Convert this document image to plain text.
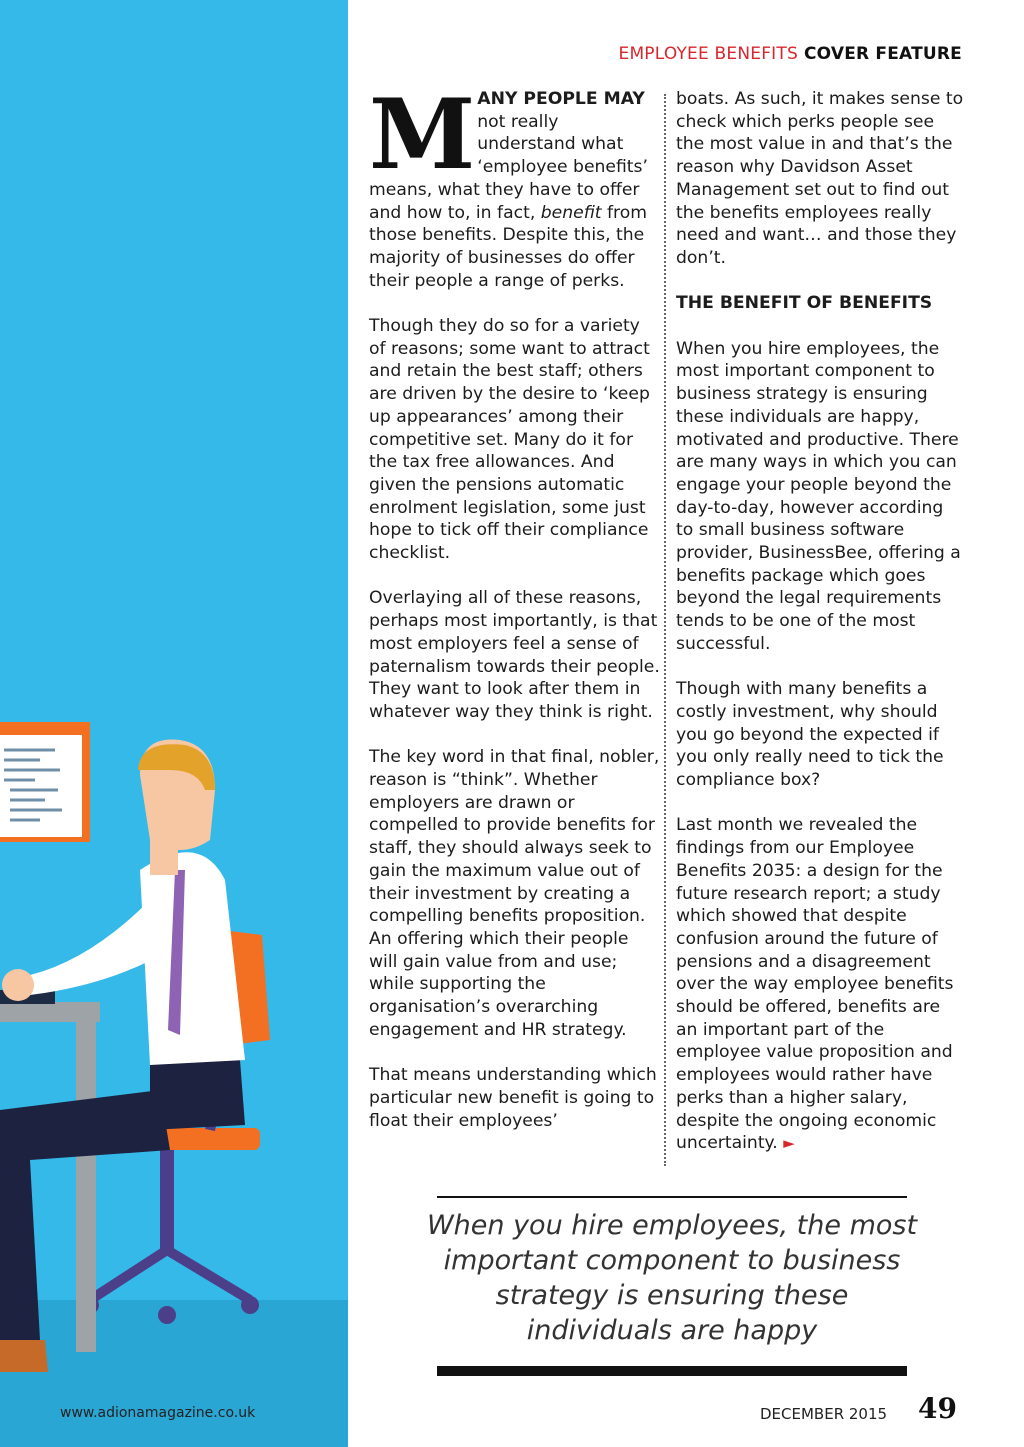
EMPLOYEE BENEFITS COVER FEATURE

MANY PEOPLE MAY not really understand what ‘employee benefits’ means, what they have to offer and how to, in fact, benefit from those benefits. Despite this, the majority of businesses do offer their people a range of perks.

Though they do so for a variety of reasons; some want to attract and retain the best staff; others are driven by the desire to ‘keep up appearances’ among their competitive set. Many do it for the tax free allowances. And given the pensions automatic enrolment legislation, some just hope to tick off their compliance checklist.

Overlaying all of these reasons, perhaps most importantly, is that most employers feel a sense of paternalism towards their people. They want to look after them in whatever way they think is right.

The key word in that final, nobler, reason is “think”. Whether employers are drawn or compelled to provide benefits for staff, they should always seek to gain the maximum value out of their investment by creating a compelling benefits proposition. An offering which their people will gain value from and use; while supporting the organisation’s overarching engagement and HR strategy.

That means understanding which particular new benefit is going to float their employees’

boats. As such, it makes sense to check which perks people see the most value in and that’s the reason why Davidson Asset Management set out to find out the benefits employees really need and want… and those they don’t.

THE BENEFIT OF BENEFITS

When you hire employees, the most important component to business strategy is ensuring these individuals are happy, motivated and productive. There are many ways in which you can engage your people beyond the day-to-day, however according to small business software provider, BusinessBee, offering a benefits package which goes beyond the legal requirements tends to be one of the most successful.

Though with many benefits a costly investment, why should you go beyond the expected if you only really need to tick the compliance box?

Last month we revealed the findings from our Employee Benefits 2035: a design for the future research report; a study which showed that despite confusion around the future of pensions and a disagreement over the way employee benefits should be offered, benefits are an important part of the employee value proposition and employees would rather have perks than a higher salary, despite the ongoing economic uncertainty. ►

When you hire employees, the most important component to business strategy is ensuring these individuals are happy
www.adionamagazine.co.uk	DECEMBER 2015 49
